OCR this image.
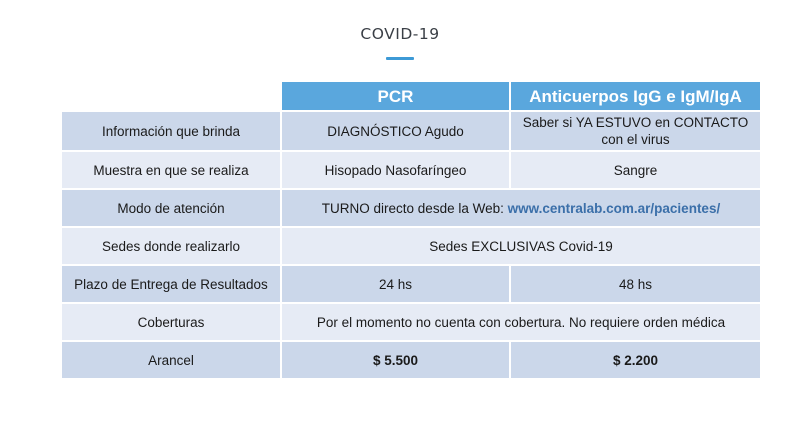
COVID-19
	PCR	Anticuerpos IgG e IgM/IgA
Información que brinda	DIAGNÓSTICO Agudo	Saber si YA ESTUVO en CONTACTO con el virus
Muestra en que se realiza	Hisopado Nasofaríngeo	Sangre
Modo de atención	TURNO directo desde la Web: www.centralab.com.ar/pacientes/	
Sedes donde realizarlo	Sedes EXCLUSIVAS Covid-19	
Plazo de Entrega de Resultados	24 hs	48 hs
Coberturas	Por el momento no cuenta con cobertura. No requiere orden médica	
Arancel	$ 5.500	$ 2.200
